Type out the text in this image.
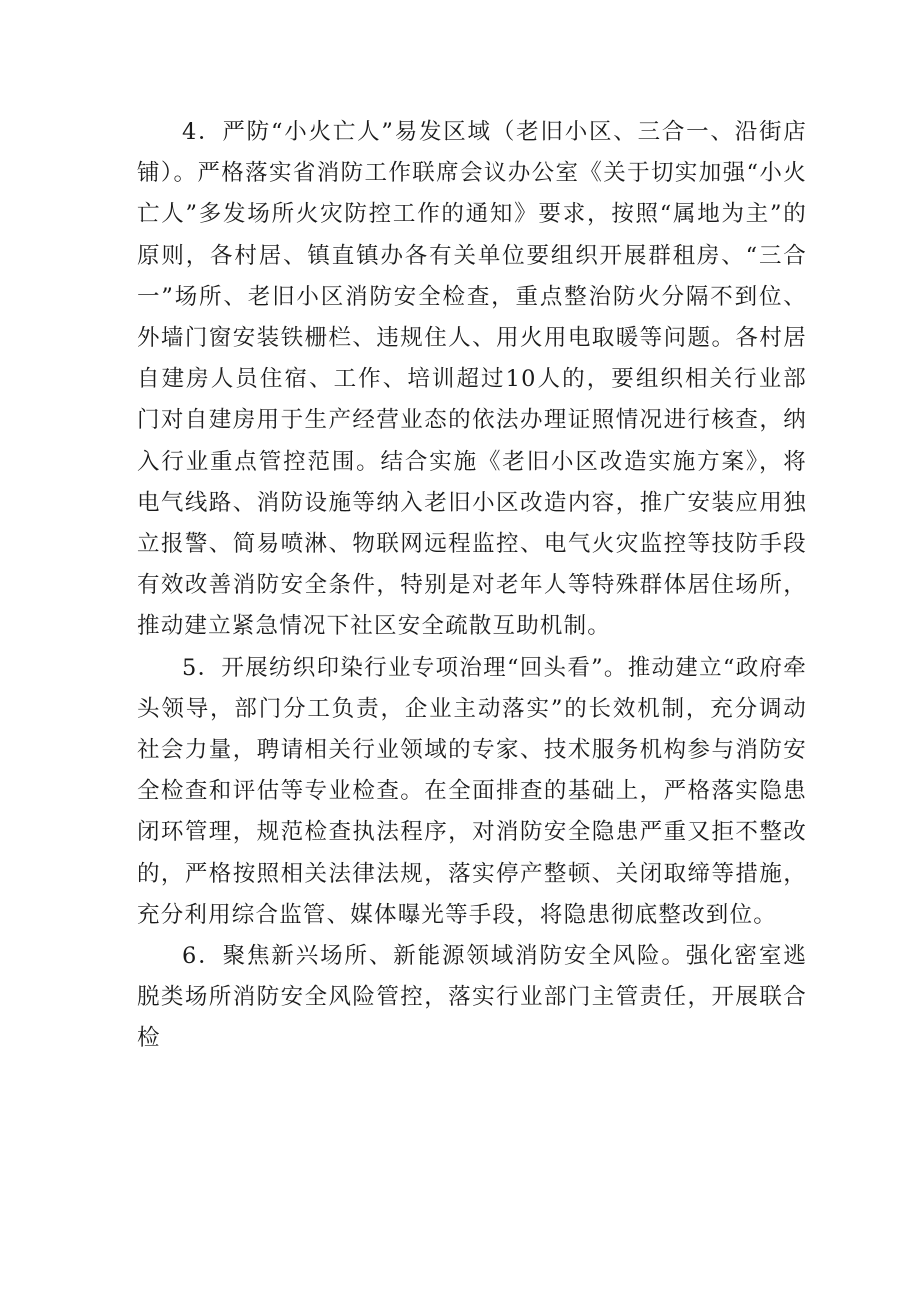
4．严防“小火亡人”易发区域（老旧小区、三合一、沿街店铺）。严格落实省消防工作联席会议办公室《关于切实加强“小火亡人”多发场所火灾防控工作的通知》要求，按照“属地为主”的原则，各村居、镇直镇办各有关单位要组织开展群租房、“三合一”场所、老旧小区消防安全检查，重点整治防火分隔不到位、外墙门窗安装铁栅栏、违规住人、用火用电取暖等问题。各村居自建房人员住宿、工作、培训超过10人的，要组织相关行业部门对自建房用于生产经营业态的依法办理证照情况进行核查，纳入行业重点管控范围。结合实施《老旧小区改造实施方案》，将电气线路、消防设施等纳入老旧小区改造内容，推广安装应用独立报警、简易喷淋、物联网远程监控、电气火灾监控等技防手段有效改善消防安全条件，特别是对老年人等特殊群体居住场所，推动建立紧急情况下社区安全疏散互助机制。

5．开展纺织印染行业专项治理“回头看”。推动建立“政府牵头领导，部门分工负责，企业主动落实”的长效机制，充分调动社会力量，聘请相关行业领域的专家、技术服务机构参与消防安全检查和评估等专业检查。在全面排查的基础上，严格落实隐患闭环管理，规范检查执法程序，对消防安全隐患严重又拒不整改的，严格按照相关法律法规，落实停产整顿、关闭取缔等措施，充分利用综合监管、媒体曝光等手段，将隐患彻底整改到位。

6．聚焦新兴场所、新能源领域消防安全风险。强化密室逃脱类场所消防安全风险管控，落实行业部门主管责任，开展联合检
